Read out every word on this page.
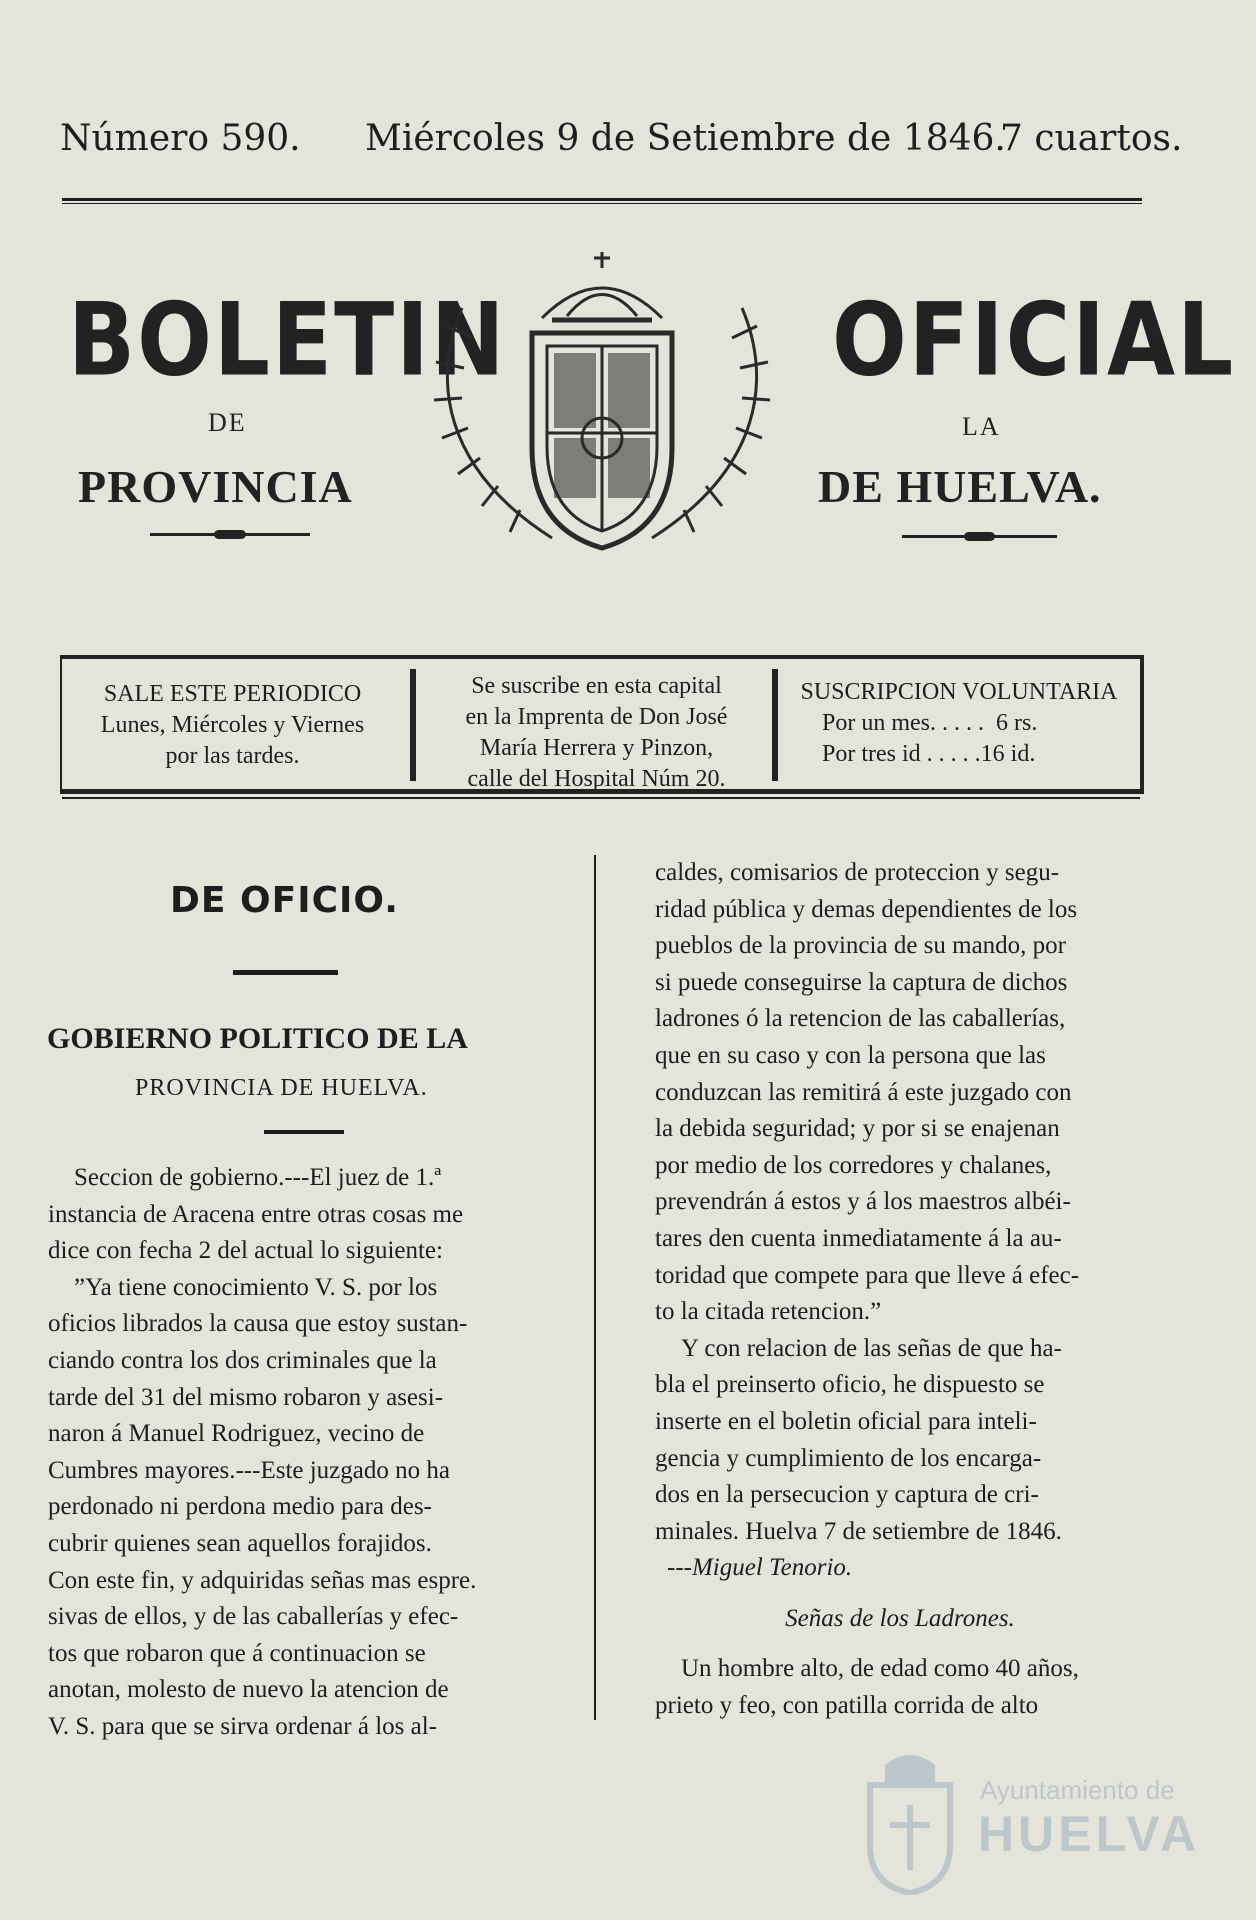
Número 590. Miércoles 9 de Setiembre de 1846.
7 cuartos.
BOLETIN	OFICIAL
DE	LA
PROVINCIA	DE HUELVA.
SALE ESTE PERIODICO
Lunes, Miércoles y Viernes
por las tardes.
Se suscribe en esta capital
en la Imprenta de Don José
María Herrera y Pinzon,
calle del Hospital Núm 20.
SUSCRIPCION VOLUNTARIA
Por un mes. . . . .  6 rs.
Por tres id . . . . .16 id.
DE OFICIO.
GOBIERNO POLITICO DE LA
PROVINCIA DE HUELVA.

Seccion de gobierno.---El juez de 1.ª

instancia de Aracena entre otras cosas me

dice con fecha 2 del actual lo siguiente:

”Ya tiene conocimiento V. S. por los

oficios librados la causa que estoy sustan-

ciando contra los dos criminales que la

tarde del 31 del mismo robaron y asesi-

naron á Manuel Rodriguez, vecino de

Cumbres mayores.---Este juzgado no ha

perdonado ni perdona medio para des-

cubrir quienes sean aquellos forajidos.

Con este fin, y adquiridas señas mas espre.

sivas de ellos, y de las caballerías y efec-

tos que robaron que á continuacion se

anotan, molesto de nuevo la atencion de

V. S. para que se sirva ordenar á los al-

caldes, comisarios de proteccion y segu-

ridad pública y demas dependientes de los

pueblos de la provincia de su mando, por

si puede conseguirse la captura de dichos

ladrones ó la retencion de las caballerías,

que en su caso y con la persona que las

conduzcan las remitirá á este juzgado con

la debida seguridad; y por si se enajenan

por medio de los corredores y chalanes,

prevendrán á estos y á los maestros albéi-

tares den cuenta inmediatamente á la au-

toridad que compete para que lleve á efec-

to la citada retencion.”

Y con relacion de las señas de que ha-

bla el preinserto oficio, he dispuesto se

inserte en el boletin oficial para inteli-

gencia y cumplimiento de los encarga-

dos en la persecucion y captura de cri-

minales. Huelva 7 de setiembre de 1846.

---Miguel Tenorio.

Señas de los Ladrones.

Un hombre alto, de edad como 40 años,

prieto y feo, con patilla corrida de alto

Ayuntamiento de
HUELVA
